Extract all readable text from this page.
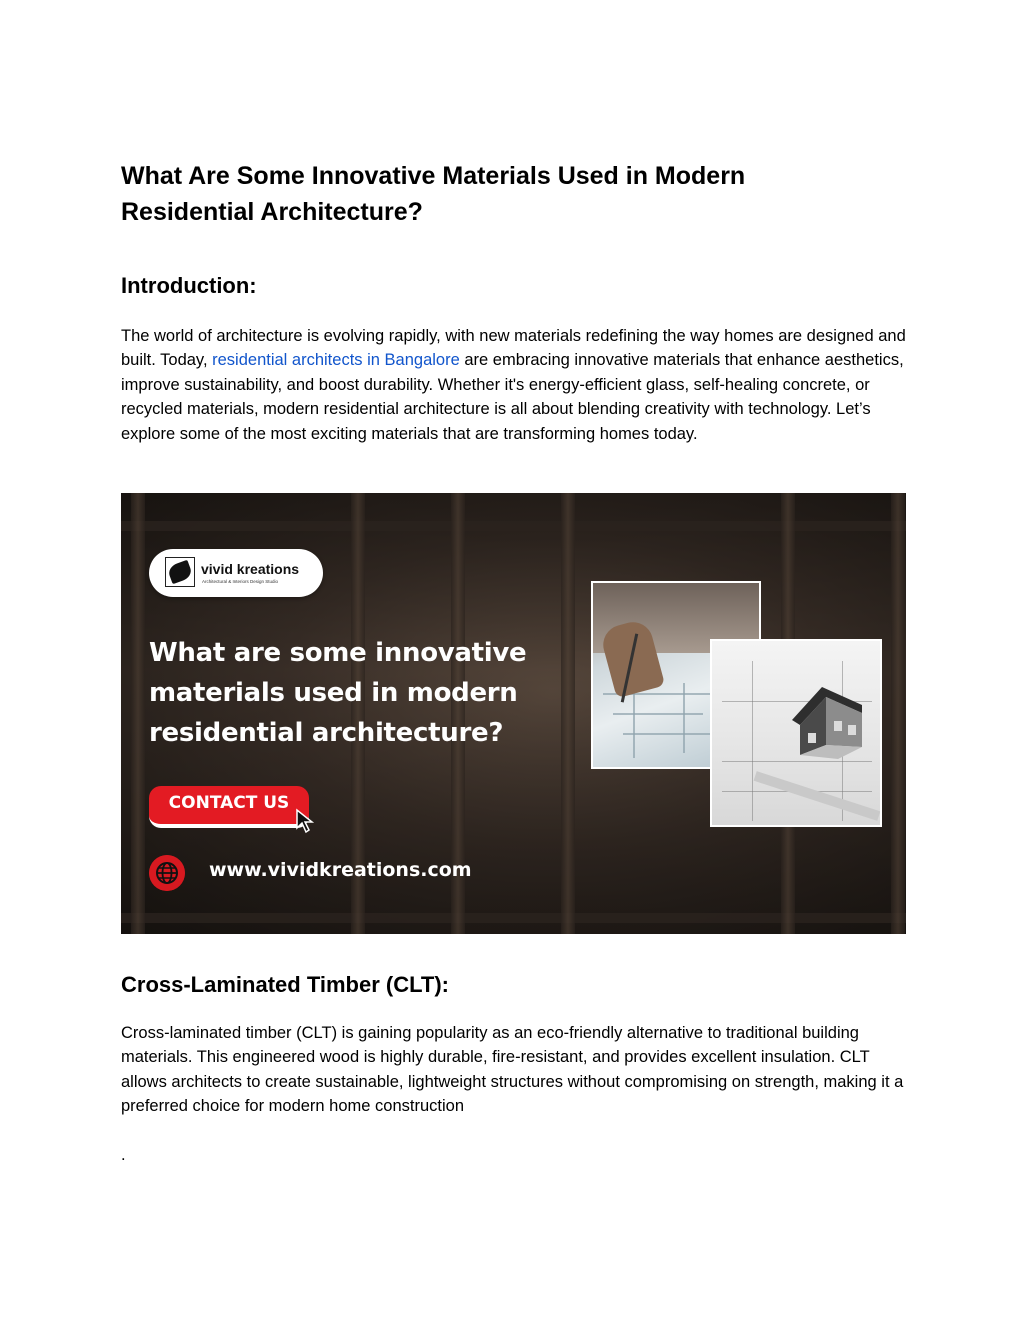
What Are Some Innovative Materials Used in Modern Residential Architecture?
Introduction:

The world of architecture is evolving rapidly, with new materials redefining the way homes are designed and built. Today, residential architects in Bangalore are embracing innovative materials that enhance aesthetics, improve sustainability, and boost durability. Whether it's energy-efficient glass, self-healing concrete, or recycled materials, modern residential architecture is all about blending creativity with technology. Let’s explore some of the most exciting materials that are transforming homes today.

vivid kreations
Architectural & Interiors Design Studio
What are some innovative materials used in modern residential architecture?
CONTACT US
www.vividkreations.com
Cross-Laminated Timber (CLT):

Cross-laminated timber (CLT) is gaining popularity as an eco-friendly alternative to traditional building materials. This engineered wood is highly durable, fire-resistant, and provides excellent insulation. CLT allows architects to create sustainable, lightweight structures without compromising on strength, making it a preferred choice for modern home construction

.
